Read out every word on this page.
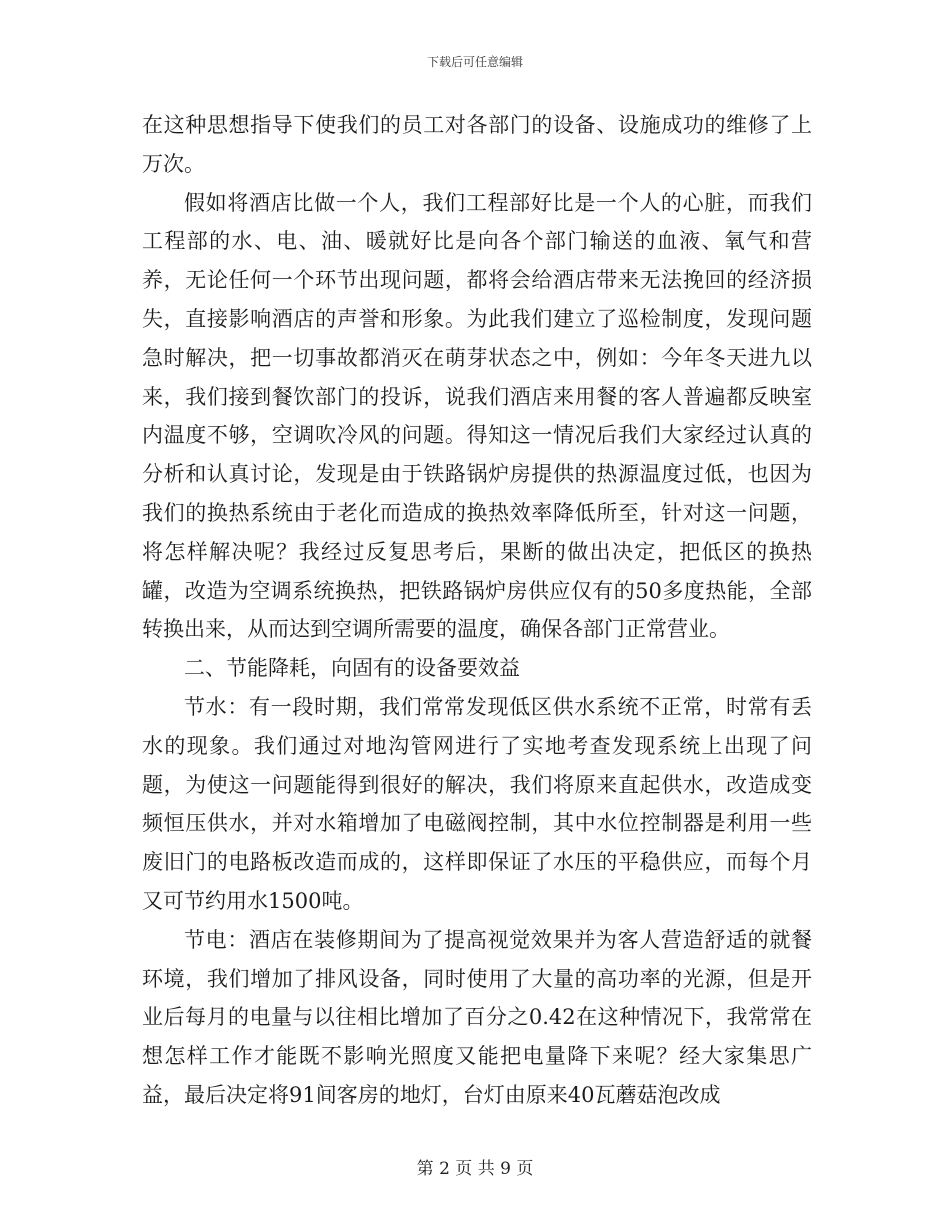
下载后可任意编辑

在这种思想指导下使我们的员工对各部门的设备、设施成功的维修了上万次。

假如将酒店比做一个人，我们工程部好比是一个人的心脏，而我们工程部的水、电、油、暖就好比是向各个部门输送的血液、氧气和营养，无论任何一个环节出现问题，都将会给酒店带来无法挽回的经济损失，直接影响酒店的声誉和形象。为此我们建立了巡检制度，发现问题急时解决，把一切事故都消灭在萌芽状态之中，例如：今年冬天进九以来，我们接到餐饮部门的投诉，说我们酒店来用餐的客人普遍都反映室内温度不够，空调吹冷风的问题。得知这一情况后我们大家经过认真的分析和认真讨论，发现是由于铁路锅炉房提供的热源温度过低，也因为我们的换热系统由于老化而造成的换热效率降低所至，针对这一问题，将怎样解决呢？我经过反复思考后，果断的做出决定，把低区的换热罐，改造为空调系统换热，把铁路锅炉房供应仅有的50多度热能，全部转换出来，从而达到空调所需要的温度，确保各部门正常营业。

二、节能降耗，向固有的设备要效益

节水：有一段时期，我们常常发现低区供水系统不正常，时常有丢水的现象。我们通过对地沟管网进行了实地考查发现系统上出现了问题，为使这一问题能得到很好的解决，我们将原来直起供水，改造成变频恒压供水，并对水箱增加了电磁阀控制，其中水位控制器是利用一些废旧门的电路板改造而成的，这样即保证了水压的平稳供应，而每个月又可节约用水1500吨。

节电：酒店在装修期间为了提高视觉效果并为客人营造舒适的就餐环境，我们增加了排风设备，同时使用了大量的高功率的光源，但是开业后每月的电量与以往相比增加了百分之0.42在这种情况下，我常常在想怎样工作才能既不影响光照度又能把电量降下来呢？经大家集思广益，最后决定将91间客房的地灯，台灯由原来40瓦蘑菇泡改成

第 2 页 共 9 页
